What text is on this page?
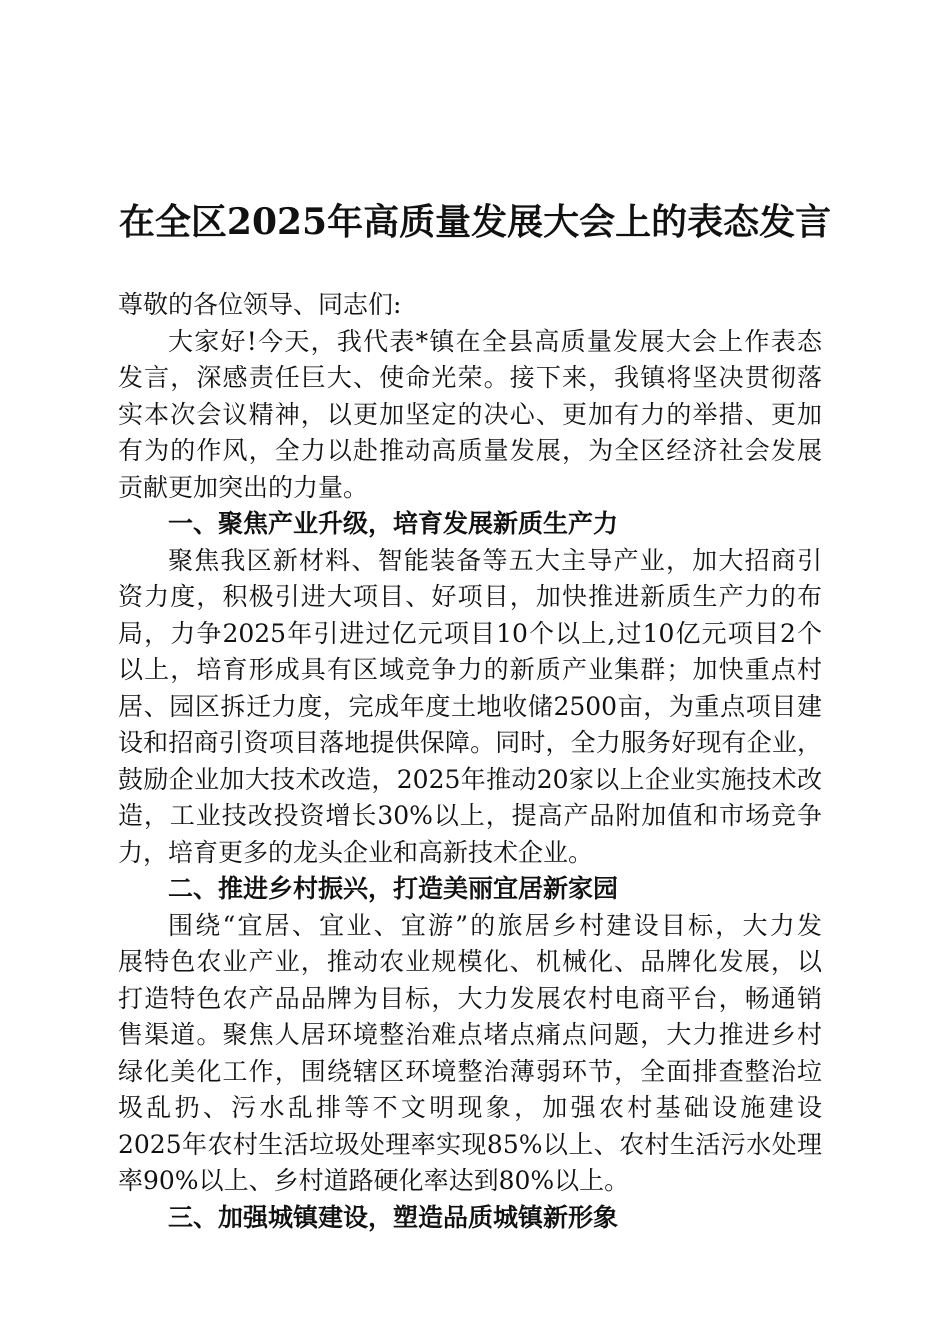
在全区2025年高质量发展大会上的表态发言
尊敬的各位领导、同志们:
大家好!今天，我代表*镇在全县高质量发展大会上作表态
发言，深感责任巨大、使命光荣。接下来，我镇将坚决贯彻落
实本次会议精神，以更加坚定的决心、更加有力的举措、更加
有为的作风，全力以赴推动高质量发展，为全区经济社会发展
贡献更加突出的力量。
一、聚焦产业升级，培育发展新质生产力
聚焦我区新材料、智能装备等五大主导产业，加大招商引
资力度，积极引进大项目、好项目，加快推进新质生产力的布
局，力争2025年引进过亿元项目10个以上,过10亿元项目2个
以上，培育形成具有区域竞争力的新质产业集群；加快重点村
居、园区拆迁力度，完成年度土地收储2500亩，为重点项目建
设和招商引资项目落地提供保障。同时，全力服务好现有企业，
鼓励企业加大技术改造，2025年推动20家以上企业实施技术改
造，工业技改投资增长30%以上，提高产品附加值和市场竞争
力，培育更多的龙头企业和高新技术企业。
二、推进乡村振兴，打造美丽宜居新家园
围绕“宜居、宜业、宜游”的旅居乡村建设目标，大力发
展特色农业产业，推动农业规模化、机械化、品牌化发展，以
打造特色农产品品牌为目标，大力发展农村电商平台，畅通销
售渠道。聚焦人居环境整治难点堵点痛点问题，大力推进乡村
绿化美化工作，围绕辖区环境整治薄弱环节，全面排查整治垃
圾乱扔、污水乱排等不文明现象，加强农村基础设施建设
2025年农村生活垃圾处理率实现85%以上、农村生活污水处理
率90%以上、乡村道路硬化率达到80%以上。
三、加强城镇建设，塑造品质城镇新形象
